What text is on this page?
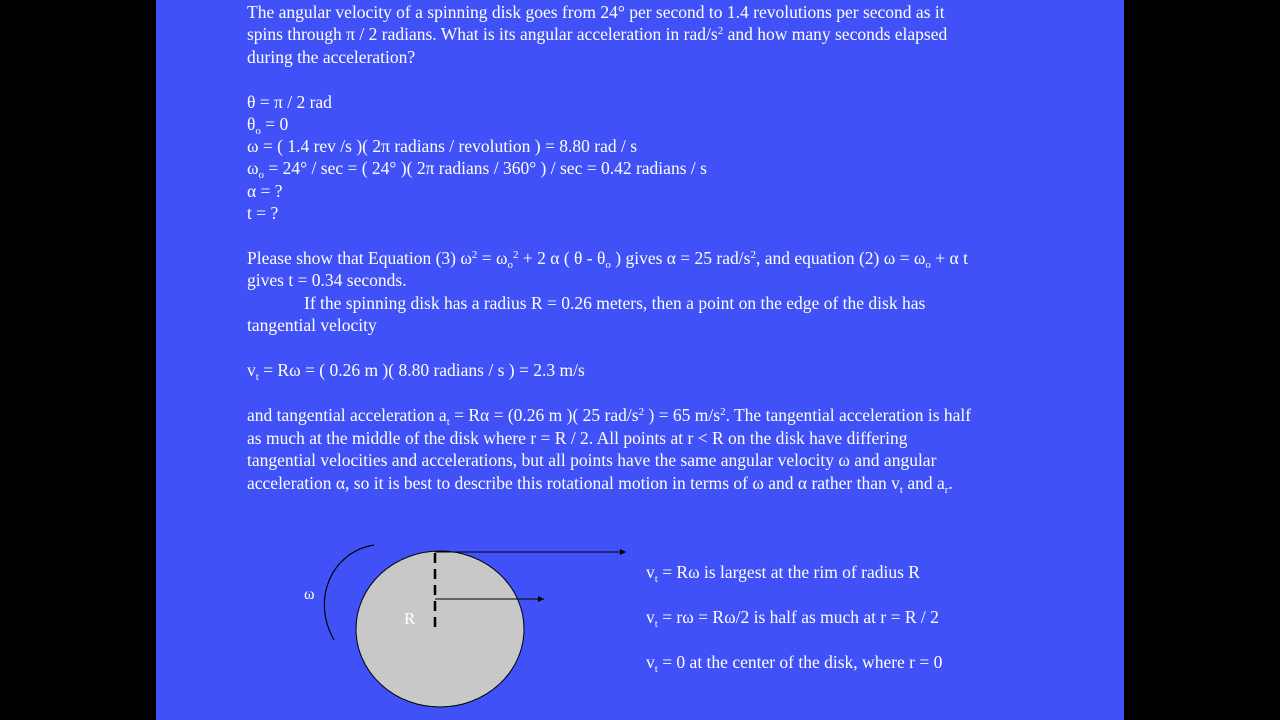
The angular velocity of a spinning disk goes from 24° per second to 1.4 revolutions per second as it
spins through π / 2 radians. What is its angular acceleration in rad/$s^2$ and how many seconds elapsed
during the acceleration?
θ = π / 2 rad
$\theta_o = 0$
ω = ( 1.4 rev /s )( 2π radians / revolution ) = 8.80 rad / s
$\omega_o = 24^\circ / \sec$ = ( 24° )( 2π radians / 360° ) / sec = 0.42 radians / s
α = ?
t = ?
Please show that Equation (3) $\omega^2 = \omega_o^2 + 2$ α ( θ - $\theta_o$ ) gives α = 25 rad/$s^2$, and equation (2) $\omega = \omega_o + \alpha$ t
gives t = 0.34 seconds.
If the spinning disk has a radius R = 0.26 meters, then a point on the edge of the disk has
tangential velocity
$v_t = R\omega$ = ( 0.26 m )( 8.80 radians / s ) = 2.3 m/s
and tangential acceleration $a_t = R\alpha = (0.26$ m )( 25 rad/$s^2$ ) = 65 $m/s^2$. The tangential acceleration is half
as much at the middle of the disk where r = R / 2. All points at r < R on the disk have differing
tangential velocities and accelerations, but all points have the same angular velocity ω and angular
acceleration α, so it is best to describe this rotational motion in terms of ω and α rather than $v_t$ and $a_r$.
ω
R
$v_t = R\omega$ is largest at the rim of radius R
$v_t = r\omega = R\omega/2$ is half as much at r = R / 2
$v_t = 0$ at the center of the disk, where r = 0
